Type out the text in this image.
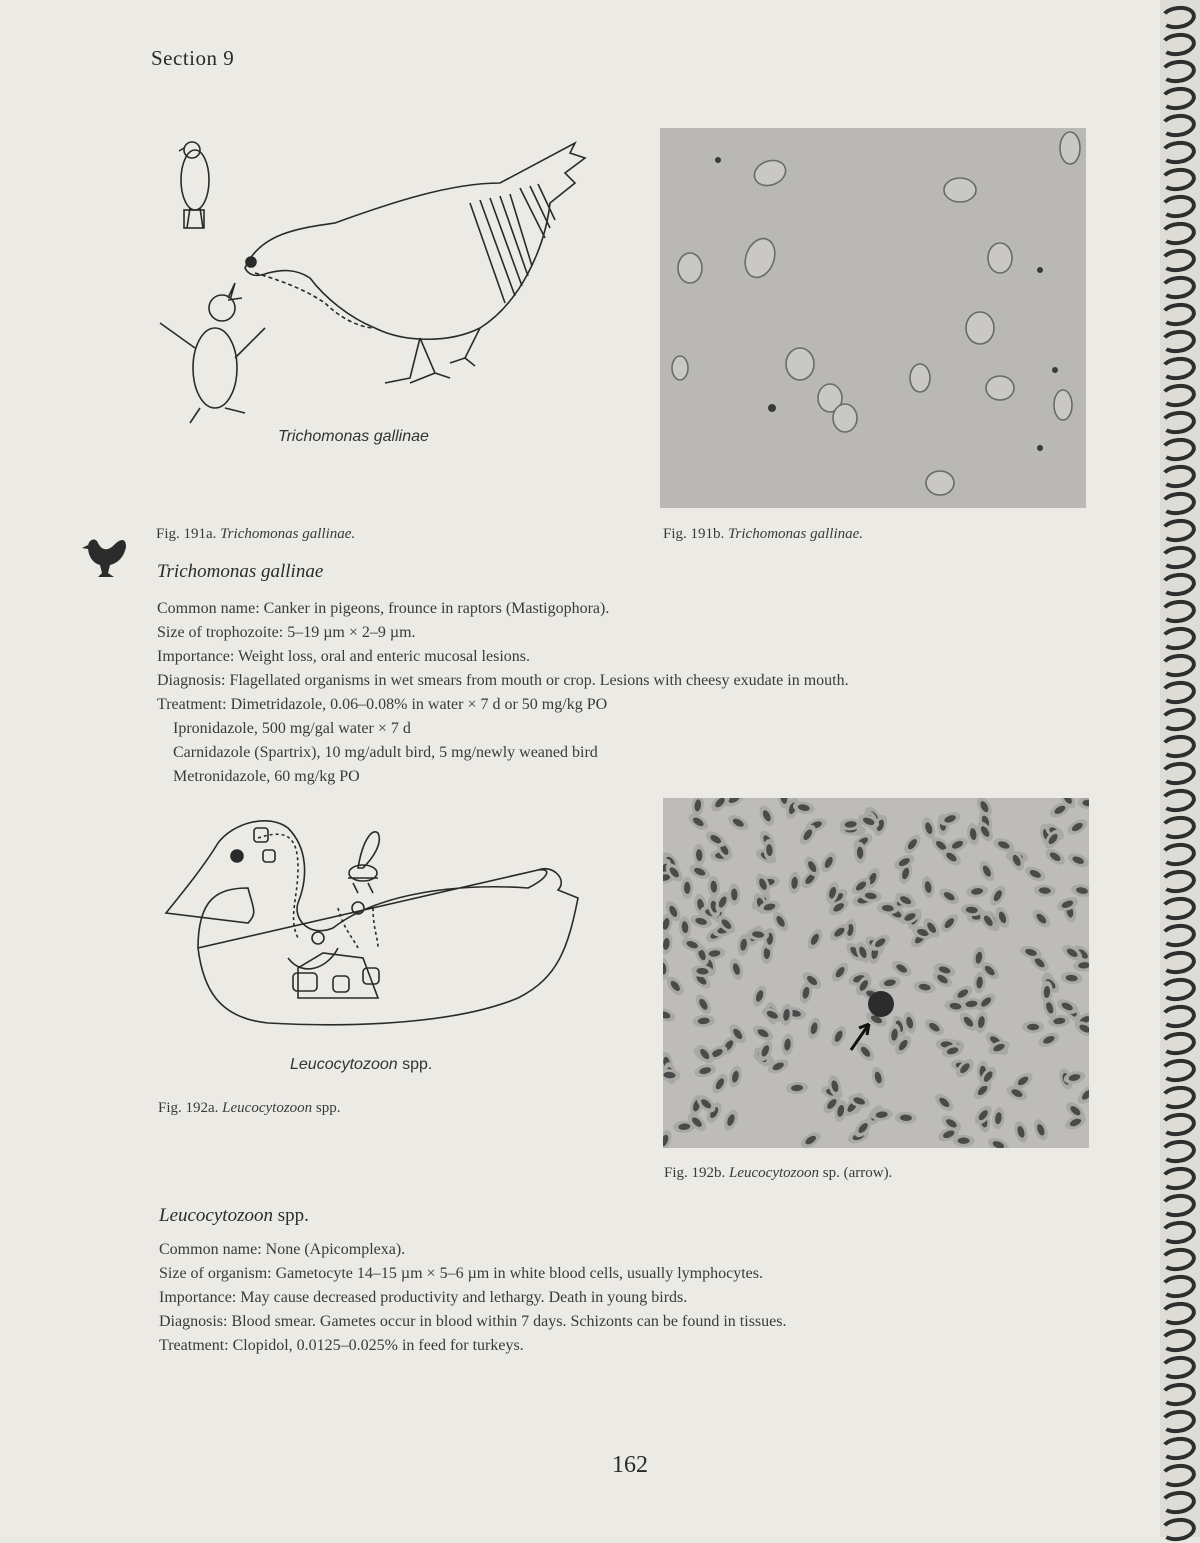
Section 9
Trichomonas gallinae
Fig. 191a. Trichomonas gallinae.	Fig. 191b. Trichomonas gallinae.
Trichomonas gallinae
Common name: Canker in pigeons, frounce in raptors (Mastigophora).
Size of trophozoite: 5–19 µm × 2–9 µm.
Importance: Weight loss, oral and enteric mucosal lesions.
Diagnosis: Flagellated organisms in wet smears from mouth or crop. Lesions with cheesy exudate in mouth.
Treatment: Dimetridazole, 0.06–0.08% in water × 7 d or 50 mg/kg PO
Ipronidazole, 500 mg/gal water × 7 d
Carnidazole (Spartrix), 10 mg/adult bird, 5 mg/newly weaned bird
Metronidazole, 60 mg/kg PO
Leucocytozoon spp.
Fig. 192a. Leucocytozoon spp.
Fig. 192b. Leucocytozoon sp. (arrow).
Leucocytozoon spp.
Common name: None (Apicomplexa).
Size of organism: Gametocyte 14–15 µm × 5–6 µm in white blood cells, usually lymphocytes.
Importance: May cause decreased productivity and lethargy. Death in young birds.
Diagnosis: Blood smear. Gametes occur in blood within 7 days. Schizonts can be found in tissues.
Treatment: Clopidol, 0.0125–0.025% in feed for turkeys.
162
